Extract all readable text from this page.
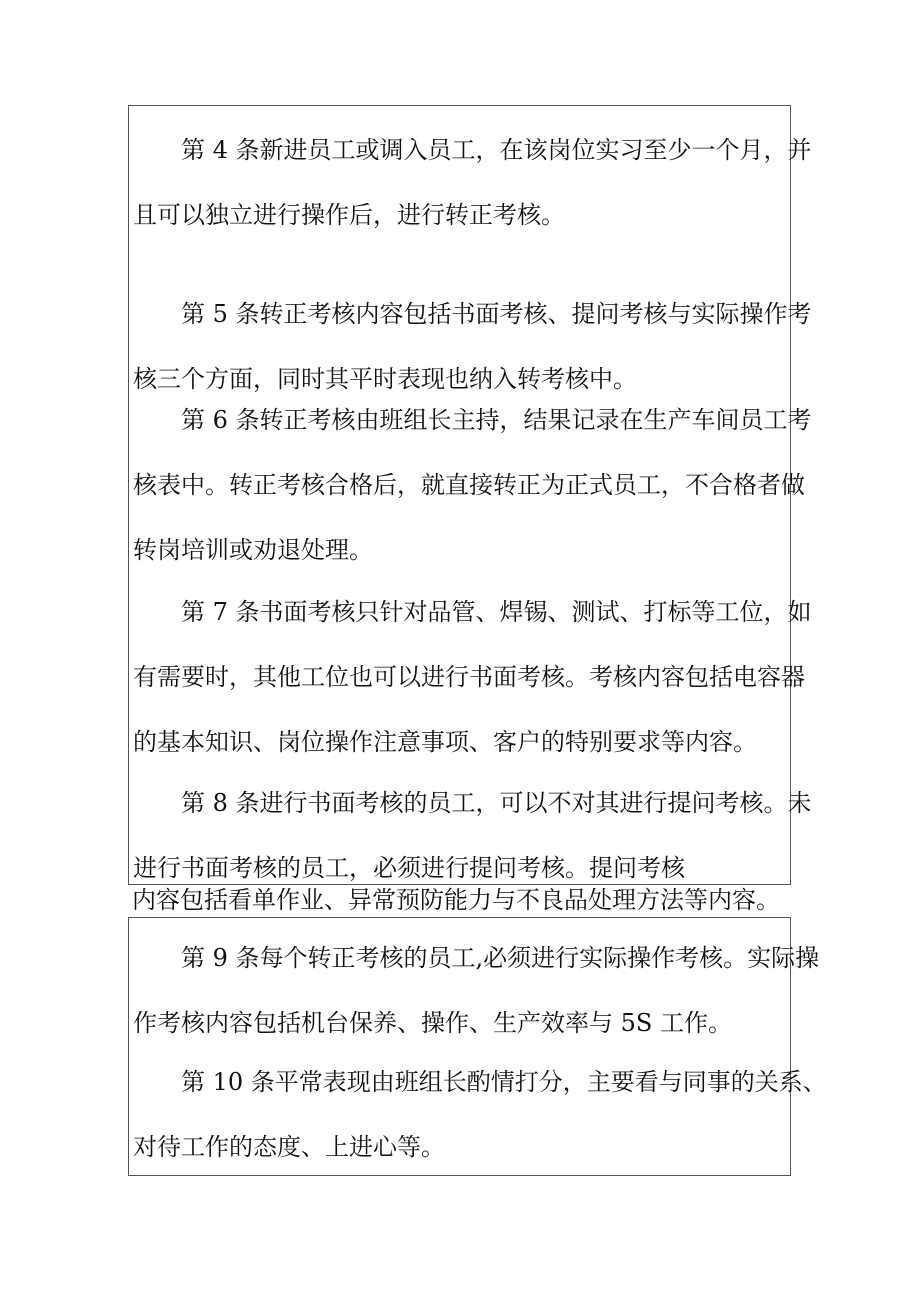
第 4 条新进员工或调入员工，在该岗位实习至少一个月，并
且可以独立进行操作后，进行转正考核。

第 5 条转正考核内容包括书面考核、提问考核与实际操作考
核三个方面，同时其平时表现也纳入转考核中。

第 6 条转正考核由班组长主持，结果记录在生产车间员工考
核表中。转正考核合格后，就直接转正为正式员工，不合格者做
转岗培训或劝退处理。

第 7 条书面考核只针对品管、焊锡、测试、打标等工位，如
有需要时，其他工位也可以进行书面考核。考核内容包括电容器
的基本知识、岗位操作注意事项、客户的特别要求等内容。

第 8 条进行书面考核的员工，可以不对其进行提问考核。未
进行书面考核的员工，必须进行提问考核。提问考核

内容包括看单作业、异常预防能力与不良品处理方法等内容。

第 9 条每个转正考核的员工,必须进行实际操作考核。实际操
作考核内容包括机台保养、操作、生产效率与 5S 工作。

第 10 条平常表现由班组长酌情打分，主要看与同事的关系、
对待工作的态度、上进心等。
